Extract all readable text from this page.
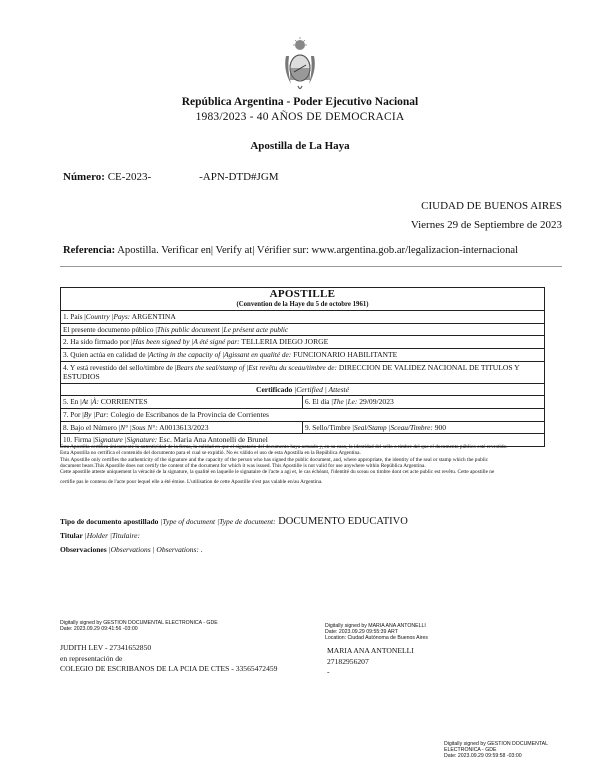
República Argentina - Poder Ejecutivo Nacional
1983/2023 - 40 AÑOS DE DEMOCRACIA
Apostilla de La Haya
Número: CE-2023-	-APN-DTD#JGM
CIUDAD DE BUENOS AIRES
Viernes 29 de Septiembre de 2023
Referencia: Apostilla. Verificar en| Verify at| Vérifier sur: www.argentina.gob.ar/legalizacion-internacional
APOSTILLE
(Convention de la Haye du 5 de octobre 1961)
1. País |Country |Pays: ARGENTINA
El presente documento público |This public document |Le présent acte public
2. Ha sido firmado por |Has been signed by |A été signé par: TELLERIA DIEGO JORGE
3. Quien actúa en calidad de |Acting in the capacity of |Agissant en qualité de: FUNCIONARIO HABILITANTE
4. Y está revestido del sello/timbre de |Bears the seal/stamp of |Est revêtu du sceau/timbre de: DIRECCION DE VALIDEZ NACIONAL DE TITULOS Y ESTUDIOS
Certificado |Certified | Attesté
5. En |At |À: CORRIENTES	6. El día |The |Le: 29/09/2023
7. Por |By |Par: Colegio de Escribanos de la Provincia de Corrientes
8. Bajo el Número |N° |Sous N°: A0013613/2023	9. Sello/Timbre |Seal/Stamp |Sceau/Timbre: 900
10. Firma |Signature |Signature: Esc. Maria Ana Antonelli de Brunel
Esta Apostilla certifica únicamente la autenticidad de la firma, la calidad en que el signatario del documento haya actuado y, en su caso, la identidad del sello o timbre del que el documento público esté revestido.
Esta Apostilla no certifica el contenido del documento para el cual se expidió. No es válido el uso de esta Apostilla en la República Argentina.
This Apostille only certifies the authenticity of the signature and the capacity of the person who has signed the public document, and, where appropriate, the identity of the seal or stamp which the public
document bears.This Apostille does not certify the content of the document for which it was issued. This Apostille is not valid for use anywhere within República Argentina.
Cette apostille atteste uniquement la véracité de la signature, la qualité en laquelle le signataire de l'acte a agi et, le cas échéant, l'identité du sceau ou timbre dont cet acte public est revêtu. Cette apostille ne
certifie pas le contenu de l'acte pour lequel elle a été émise. L'utilisation de cette Apostille n'est pas valable en/au Argentina.
Tipo de documento apostillado |Type of document |Type de document: DOCUMENTO EDUCATIVO
Titular |Holder |Titulaire:
Observaciones |Observations | Observations: .
Digitally signed by GESTION DOCUMENTAL ELECTRONICA - GDE
Date: 2023.09.29 09:41:56 -03:00	Digitally signed by MARIA ANA ANTONELLI
Date: 2023.09.29 09:55:39 ART
Location: Ciudad Autónoma de Buenos Aires
JUDITH LEV - 27341652850
en representación de
COLEGIO DE ESCRIBANOS DE LA PCIA DE CTES - 33565472459
MARIA ANA ANTONELLI
27182956207
-
Digitally signed by GESTION DOCUMENTAL
ELECTRONICA - GDE
Date: 2023.09.29 09:59:58 -03:00
